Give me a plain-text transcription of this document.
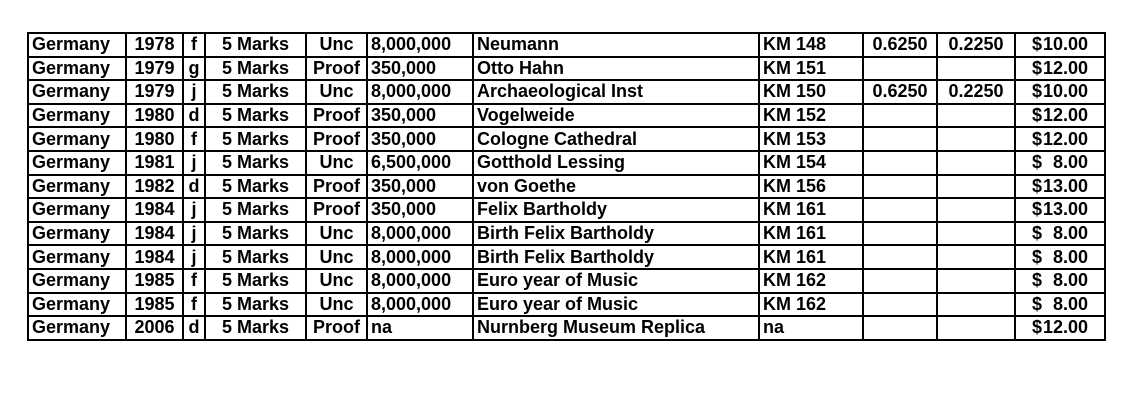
Germany	1978	f	5 Marks	Unc	8,000,000	Neumann	KM 148	0.6250	0.2250	$10.00
Germany	1979	g	5 Marks	Proof	350,000	Otto Hahn	KM 151			$12.00
Germany	1979	j	5 Marks	Unc	8,000,000	Archaeological Inst	KM 150	0.6250	0.2250	$10.00
Germany	1980	d	5 Marks	Proof	350,000	Vogelweide	KM 152			$12.00
Germany	1980	f	5 Marks	Proof	350,000	Cologne Cathedral	KM 153			$12.00
Germany	1981	j	5 Marks	Unc	6,500,000	Gotthold Lessing	KM 154			$ 8.00
Germany	1982	d	5 Marks	Proof	350,000	von Goethe	KM 156			$13.00
Germany	1984	j	5 Marks	Proof	350,000	Felix Bartholdy	KM 161			$13.00
Germany	1984	j	5 Marks	Unc	8,000,000	Birth Felix Bartholdy	KM 161			$ 8.00
Germany	1984	j	5 Marks	Unc	8,000,000	Birth Felix Bartholdy	KM 161			$ 8.00
Germany	1985	f	5 Marks	Unc	8,000,000	Euro year of Music	KM 162			$ 8.00
Germany	1985	f	5 Marks	Unc	8,000,000	Euro year of Music	KM 162			$ 8.00
Germany	2006	d	5 Marks	Proof	na	Nurnberg Museum Replica	na			$12.00
